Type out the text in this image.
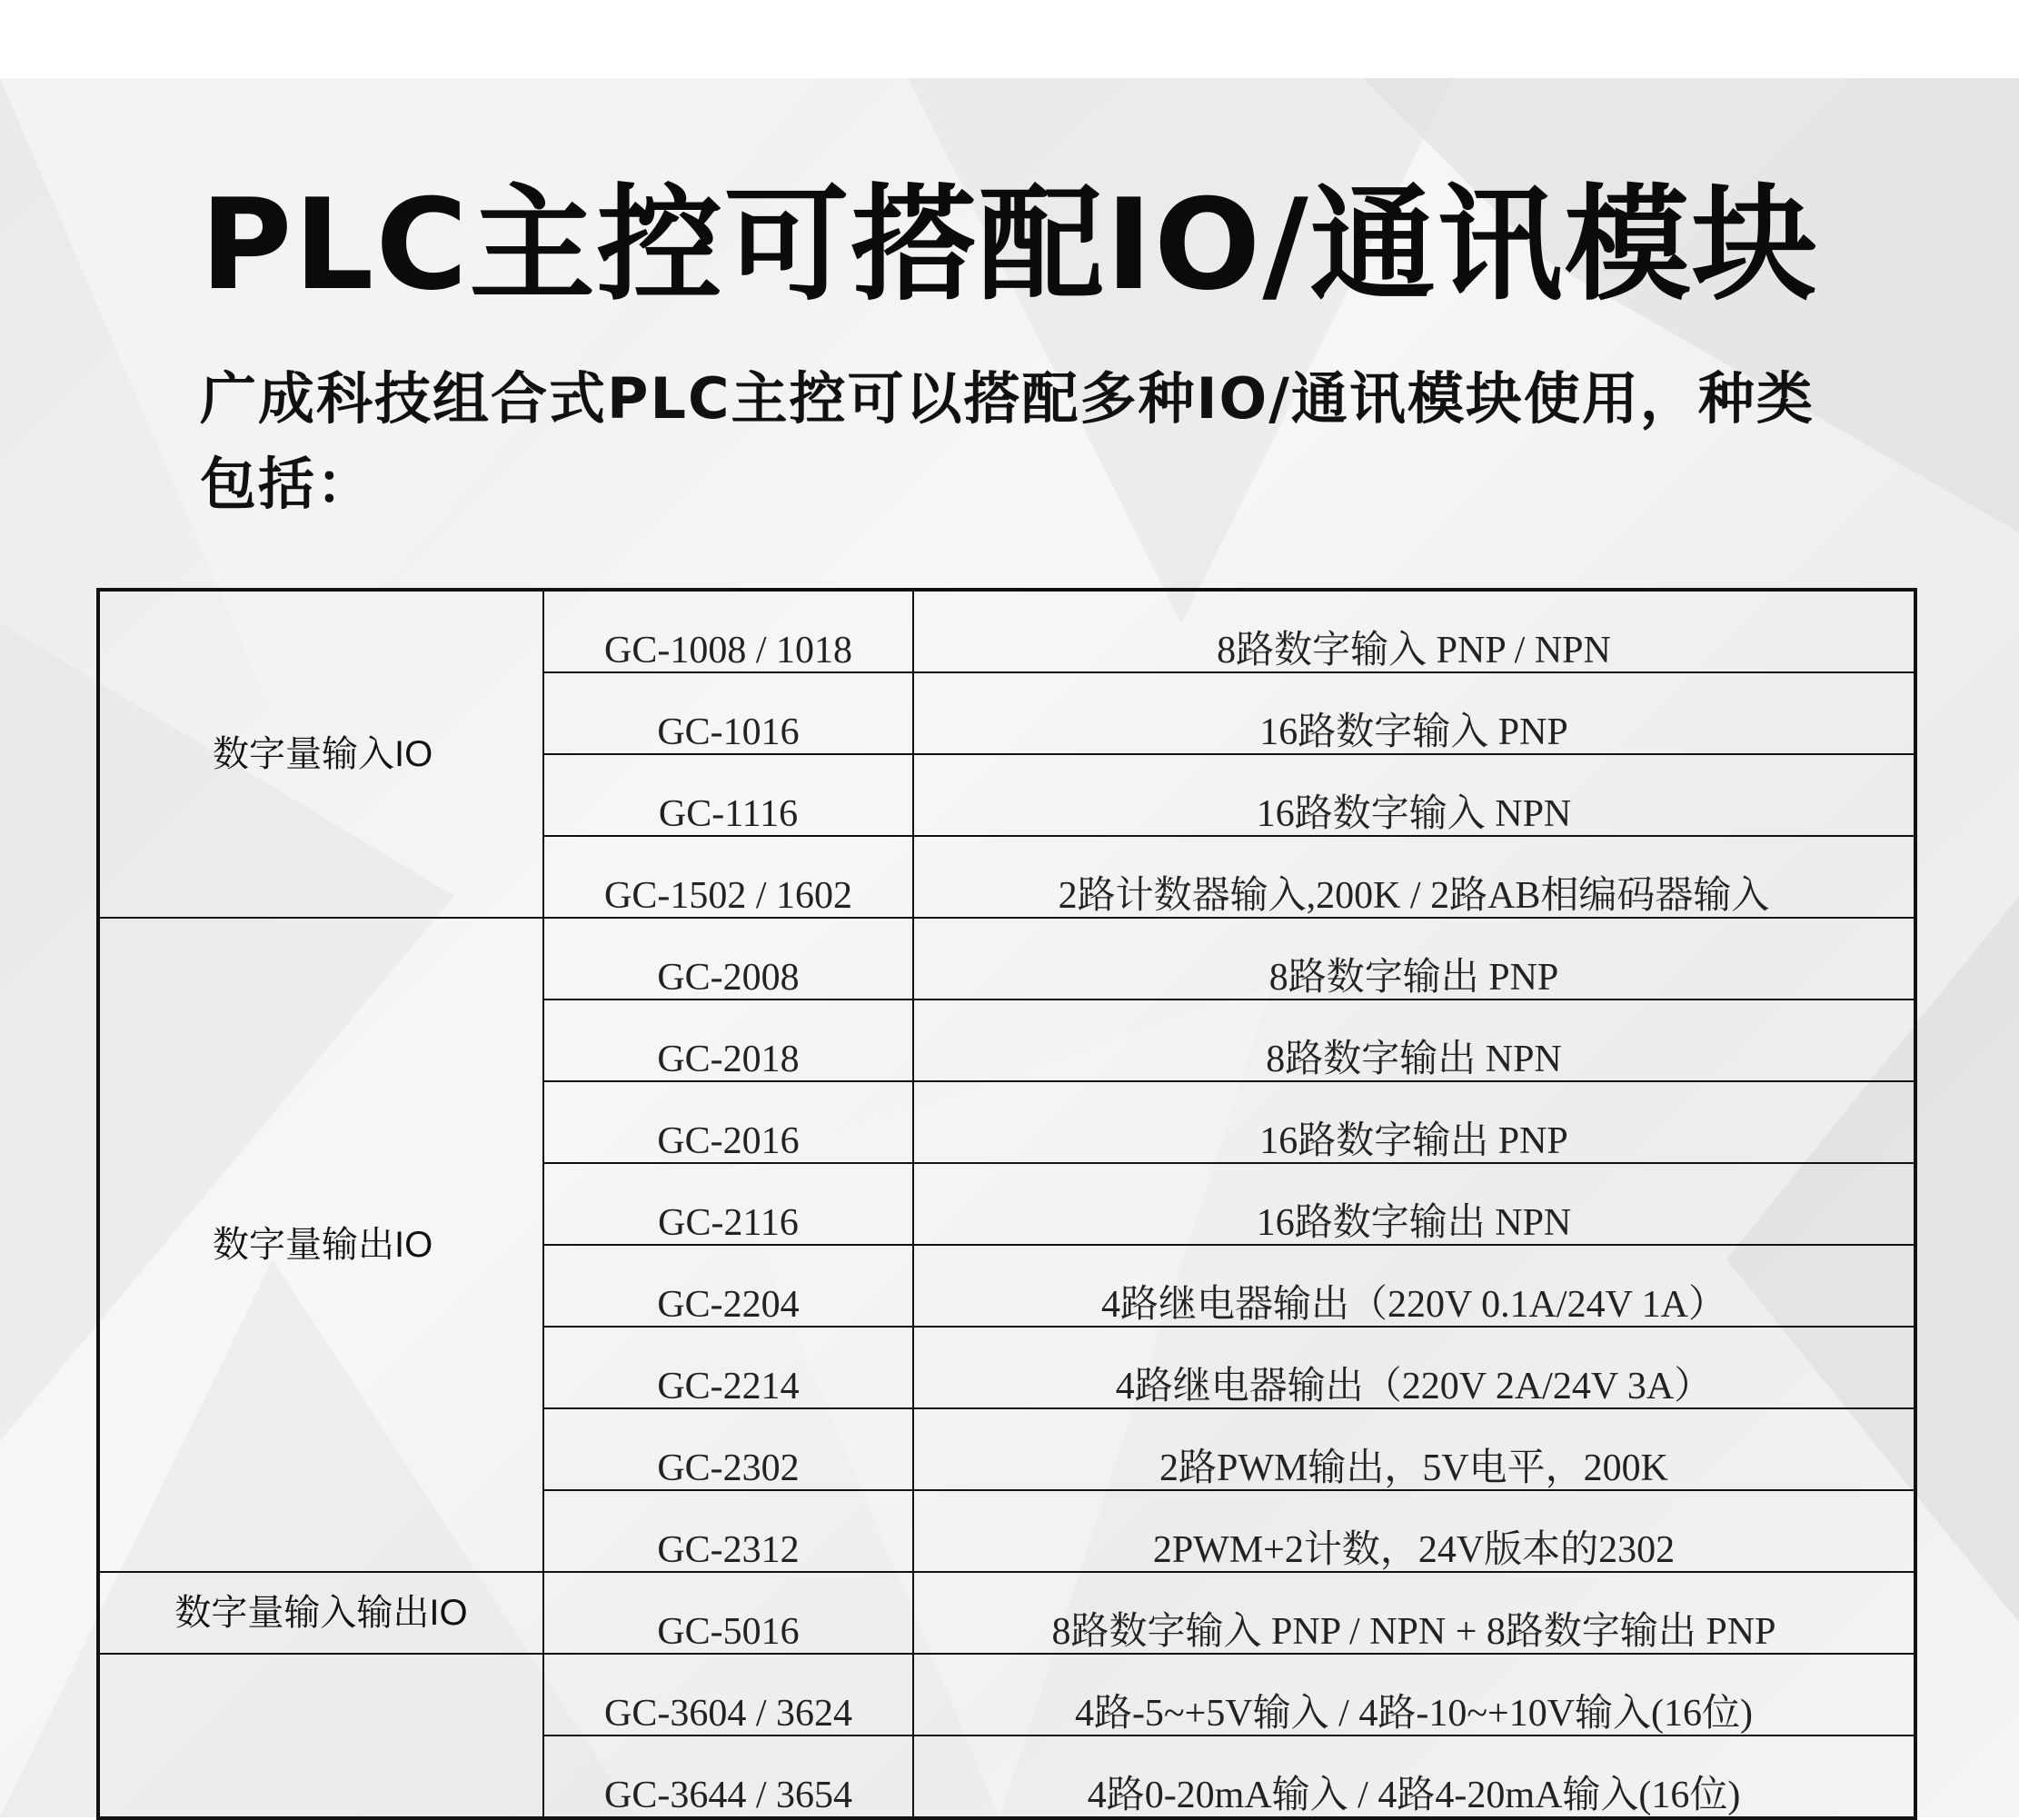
PLC主控可搭配IO/通讯模块
广成科技组合式PLC主控可以搭配多种IO/通讯模块使用，种类包括：
数字量输入IO	GC-1008 / 1018	8路数字输入 PNP / NPN
	GC-1016	16路数字输入 PNP
	GC-1116	16路数字输入 NPN
	GC-1502 / 1602	2路计数器输入,200K / 2路AB相编码器输入
数字量输出IO	GC-2008	8路数字输出 PNP
	GC-2018	8路数字输出 NPN
	GC-2016	16路数字输出 PNP
	GC-2116	16路数字输出 NPN
	GC-2204	4路继电器输出（220V 0.1A/24V 1A）
	GC-2214	4路继电器输出（220V 2A/24V 3A）
	GC-2302	2路PWM输出，5V电平，200K
	GC-2312	2PWM+2计数，24V版本的2302
数字量输入输出IO	GC-5016	8路数字输入 PNP / NPN + 8路数字输出 PNP
	GC-3604 / 3624	4路-5~+5V输入 / 4路-10~+10V输入(16位)
	GC-3644 / 3654	4路0-20mA输入 / 4路4-20mA输入(16位)
